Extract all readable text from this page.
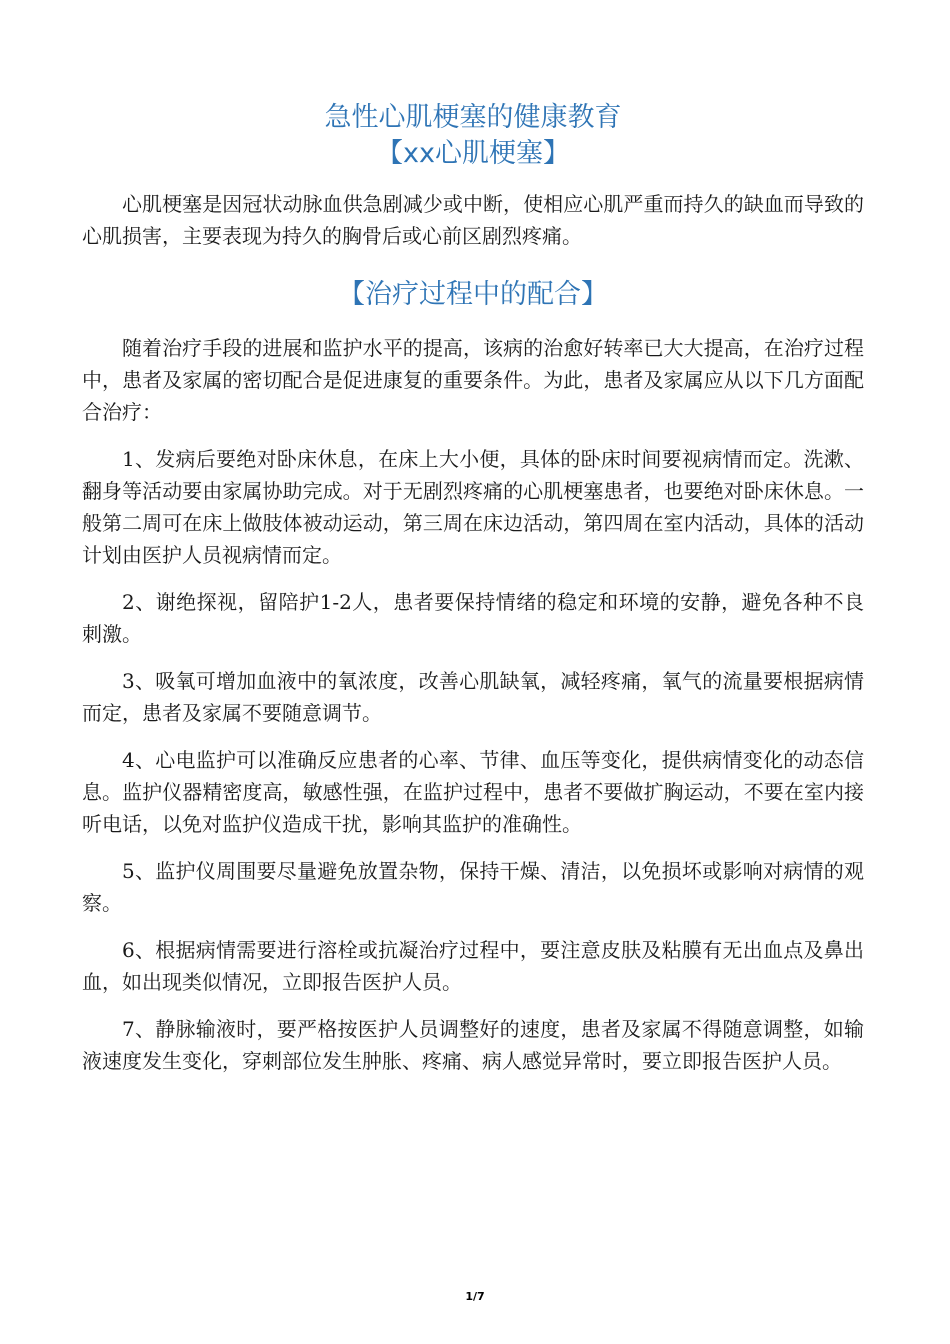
急性心肌梗塞的健康教育
【xx心肌梗塞】

心肌梗塞是因冠状动脉血供急剧减少或中断，使相应心肌严重而持久的缺血而导致的心肌损害，主要表现为持久的胸骨后或心前区剧烈疼痛。

【治疗过程中的配合】

随着治疗手段的进展和监护水平的提高，该病的治愈好转率已大大提高，在治疗过程中，患者及家属的密切配合是促进康复的重要条件。为此，患者及家属应从以下几方面配合治疗：

1、发病后要绝对卧床休息，在床上大小便，具体的卧床时间要视病情而定。洗漱、翻身等活动要由家属协助完成。对于无剧烈疼痛的心肌梗塞患者，也要绝对卧床休息。一般第二周可在床上做肢体被动运动，第三周在床边活动，第四周在室内活动，具体的活动计划由医护人员视病情而定。

2、谢绝探视，留陪护1-2人，患者要保持情绪的稳定和环境的安静，避免各种不良刺激。

3、吸氧可增加血液中的氧浓度，改善心肌缺氧，减轻疼痛，氧气的流量要根据病情而定，患者及家属不要随意调节。

4、心电监护可以准确反应患者的心率、节律、血压等变化，提供病情变化的动态信息。监护仪器精密度高，敏感性强，在监护过程中，患者不要做扩胸运动，不要在室内接听电话，以免对监护仪造成干扰，影响其监护的准确性。

5、监护仪周围要尽量避免放置杂物，保持干燥、清洁，以免损坏或影响对病情的观察。

6、根据病情需要进行溶栓或抗凝治疗过程中，要注意皮肤及粘膜有无出血点及鼻出血，如出现类似情况，立即报告医护人员。

7、静脉输液时，要严格按医护人员调整好的速度，患者及家属不得随意调整，如输液速度发生变化，穿刺部位发生肿胀、疼痛、病人感觉异常时，要立即报告医护人员。

1/7
